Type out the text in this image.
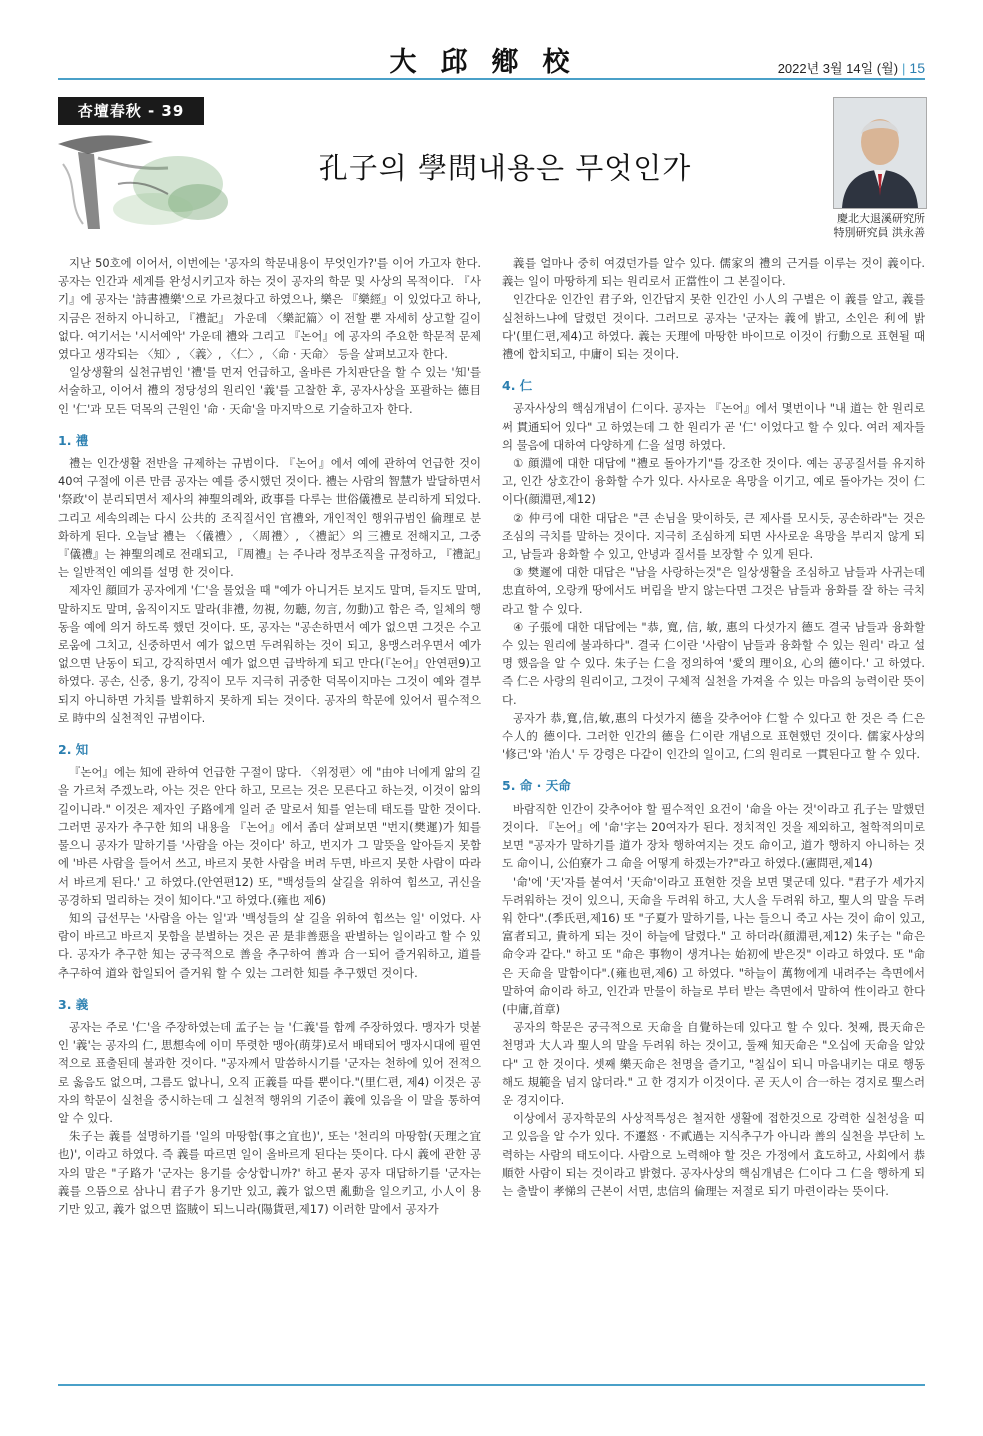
大邱鄕校	2022년 3월 14일 (월) | 15
杏壇春秋 - 39
孔子의 學問내용은 무엇인가
慶北大退溪研究所
特別研究員 洪永善

지난 50호에 이어서, 이번에는 '공자의 학문내용이 무엇인가?'를 이어 가고자 한다. 공자는 인간과 세계를 완성시키고자 하는 것이 공자의 학문 및 사상의 목적이다. 『사기』에 공자는 '詩書禮樂'으로 가르쳤다고 하였으나, 樂은 『樂經』이 있었다고 하나, 지금은 전하지 아니하고, 『禮記』 가운데 〈樂記篇〉이 전할 뿐 자세히 상고할 길이 없다. 여기서는 '시서예악' 가운데 禮와 그리고 『논어』에 공자의 주요한 학문적 문제였다고 생각되는 〈知〉, 〈義〉, 〈仁〉, 〈命 · 天命〉 등을 살펴보고자 한다.

일상생활의 실천규범인 '禮'를 먼저 언급하고, 올바른 가치판단을 할 수 있는 '知'를 서술하고, 이어서 禮의 정당성의 원리인 '義'를 고찰한 후, 공자사상을 포괄하는 德目인 '仁'과 모든 덕목의 근원인 '命 · 天命'을 마지막으로 기술하고자 한다.

1. 禮

禮는 인간생활 전반을 규제하는 규범이다. 『논어』에서 예에 관하여 언급한 것이 40여 구절에 이른 만큼 공자는 예를 중시했던 것이다. 禮는 사람의 智慧가 발달하면서 '祭政'이 분리되면서 제사의 神聖의례와, 政事를 다루는 世俗儀禮로 분리하게 되었다. 그리고 세속의례는 다시 公共的 조직질서인 官禮와, 개인적인 행위규범인 倫理로 분화하게 된다. 오늘날 禮는 〈儀禮〉, 〈周禮〉, 〈禮記〉의 三禮로 전해지고, 그중 『儀禮』는 神聖의례로 전래되고, 『周禮』는 주나라 정부조직을 규정하고, 『禮記』는 일반적인 예의를 설명 한 것이다.

제자인 顔回가 공자에게 '仁'을 물었을 때 "예가 아니거든 보지도 말며, 듣지도 말며, 말하지도 말며, 움직이지도 말라(非禮, 勿視, 勿聽, 勿言, 勿動)고 함은 즉, 일체의 행동을 예에 의거 하도록 했던 것이다. 또, 공자는 "공손하면서 예가 없으면 그것은 수고로움에 그치고, 신중하면서 예가 없으면 두려워하는 것이 되고, 용맹스러우면서 예가 없으면 난동이 되고, 강직하면서 예가 없으면 급박하게 되고 만다(『논어』안연편9)고 하였다. 공손, 신중, 용기, 강직이 모두 지극히 귀중한 덕목이지마는 그것이 예와 결부되지 아니하면 가치를 발휘하지 못하게 되는 것이다. 공자의 학문에 있어서 필수적으로 時中의 실천적인 규범이다.

2. 知

『논어』에는 知에 관하여 언급한 구절이 많다. 〈위정편〉에 "由야 너에게 앎의 길을 가르쳐 주겠노라, 아는 것은 안다 하고, 모르는 것은 모른다고 하는것, 이것이 앎의 길이니라." 이것은 제자인 子路에게 일러 준 말로서 知를 얻는데 태도를 말한 것이다. 그러면 공자가 추구한 知의 내용을 『논어』에서 좀더 살펴보면 "번지(樊遲)가 知를 물으니 공자가 말하기를 '사람을 아는 것이다' 하고, 번지가 그 말뜻을 알아듣지 못함에 '바른 사람을 들어서 쓰고, 바르지 못한 사람을 버려 두면, 바르지 못한 사람이 따라서 바르게 된다.' 고 하였다.(안연편12) 또, "백성들의 살길을 위하여 힘쓰고, 귀신을 공경하되 멀리하는 것이 知이다."고 하였다.(雍也 제6)

知의 급선무는 '사람을 아는 일'과 '백성들의 살 길을 위하여 힘쓰는 일' 이었다. 사람이 바르고 바르지 못함을 분별하는 것은 곧 是非善惡을 판별하는 일이라고 할 수 있다. 공자가 추구한 知는 궁극적으로 善을 추구하여 善과 合一되어 즐거워하고, 道를 추구하여 道와 합일되어 즐거워 할 수 있는 그러한 知를 추구했던 것이다.

3. 義

공자는 주로 '仁'을 주장하였는데 孟子는 늘 '仁義'를 함께 주장하였다. 맹자가 덧붙인 '義'는 공자의 仁, 思想속에 이미 뚜렷한 맹아(萌芽)로서 배태되어 맹자시대에 필연적으로 표출된데 불과한 것이다. "공자께서 말씀하시기를 '군자는 천하에 있어 전적으로 옳음도 없으며, 그름도 없나니, 오직 正義를 따를 뿐이다."(里仁편, 제4) 이것은 공자의 학문이 실천을 중시하는데 그 실천적 행위의 기준이 義에 있음을 이 말을 통하여 알 수 있다.

朱子는 義를 설명하기를 '일의 마땅함(事之宜也)', 또는 '천리의 마땅함(天理之宜也)', 이라고 하였다. 즉 義를 따르면 일이 올바르게 된다는 뜻이다. 다시 義에 관한 공자의 말은 "子路가 '군자는 용기를 숭상합니까?' 하고 묻자 공자 대답하기를 '군자는 義를 으뜸으로 삼나니 君子가 용기만 있고, 義가 없으면 亂動을 일으키고, 小人이 용기만 있고, 義가 없으면 盜賊이 되느니라(陽貨편,제17) 이러한 말에서 공자가

義를 얼마나 중히 여겼던가를 알수 있다. 儒家의 禮의 근거를 이루는 것이 義이다. 義는 일이 마땅하게 되는 원리로서 正當性이 그 본질이다.

인간다운 인간인 君子와, 인간답지 못한 인간인 小人의 구별은 이 義를 알고, 義를 실천하느냐에 달렸던 것이다. 그러므로 공자는 '군자는 義에 밝고, 소인은 利에 밝다'(里仁편,제4)고 하였다. 義는 天理에 마땅한 바이므로 이것이 行動으로 표현될 때 禮에 합치되고, 中庸이 되는 것이다.

4. 仁

공자사상의 핵심개념이 仁이다. 공자는 『논어』에서 몇번이나 "내 道는 한 원리로써 貫通되어 있다" 고 하였는데 그 한 원리가 곧 '仁' 이었다고 할 수 있다. 여러 제자들의 물음에 대하여 다양하게 仁을 설명 하였다.

① 顔淵에 대한 대답에 "禮로 돌아가기"를 강조한 것이다. 예는 공공질서를 유지하고, 인간 상호간이 융화할 수가 있다. 사사로운 욕망을 이기고, 예로 돌아가는 것이 仁이다(顔淵편,제12)

② 仲弓에 대한 대답은 "큰 손님을 맞이하듯, 큰 제사를 모시듯, 공손하라"는 것은 조심의 극치를 말하는 것이다. 지극히 조심하게 되면 사사로운 욕망을 부리지 않게 되고, 남들과 융화할 수 있고, 안녕과 질서를 보장할 수 있게 된다.

③ 樊遲에 대한 대답은 "남을 사랑하는것"은 일상생활을 조심하고 남들과 사귀는데 忠直하여, 오랑캐 땅에서도 버림을 받지 않는다면 그것은 남들과 융화를 잘 하는 극치라고 할 수 있다.

④ 子張에 대한 대답에는 "恭, 寬, 信, 敏, 惠의 다섯가지 德도 결국 남들과 융화할 수 있는 원리에 불과하다". 결국 仁이란 '사람이 남들과 융화할 수 있는 원리' 라고 설명 했음을 알 수 있다. 朱子는 仁을 정의하여 '愛의 理이요, 心의 德이다.' 고 하였다. 즉 仁은 사랑의 원리이고, 그것이 구체적 실천을 가져올 수 있는 마음의 능력이란 뜻이다.

공자가 恭,寬,信,敏,惠의 다섯가지 德을 갖추어야 仁할 수 있다고 한 것은 즉 仁은 수人的 德이다. 그러한 인간의 德을 仁이란 개념으로 표현했던 것이다. 儒家사상의 '修己'와 '治人' 두 강령은 다같이 인간의 일이고, 仁의 원리로 一貫된다고 할 수 있다.

5. 命 · 天命

바람직한 인간이 갖추어야 할 필수적인 요건이 '命을 아는 것'이라고 孔子는 말했던 것이다. 『논어』에 '命'字는 20여자가 된다. 정치적인 것을 제외하고, 철학적의미로 보면 "공자가 말하기를 道가 장차 행하여지는 것도 命이고, 道가 행하지 아니하는 것도 命이니, 公伯寮가 그 命을 어떻게 하겠는가?"라고 하였다.(憲問편,제14)

'命'에 '天'자를 붙여서 '天命'이라고 표현한 것을 보면 몇군데 있다. "君子가 세가지 두려워하는 것이 있으니, 天命을 두려워 하고, 大人을 두려워 하고, 聖人의 말을 두려워 한다".(季氏편,제16) 또 "子夏가 말하기를, 나는 들으니 죽고 사는 것이 命이 있고, 富者되고, 貴하게 되는 것이 하늘에 달렸다." 고 하더라(顔淵편,제12) 朱子는 "命은 命令과 같다." 하고 또 "命은 事物이 생겨나는 始初에 받은것" 이라고 하였다. 또 "命은 天命을 말함이다".(雍也편,제6) 고 하였다. "하늘이 萬物에게 내려주는 측면에서 말하여 命이라 하고, 인간과 만물이 하늘로 부터 받는 측면에서 말하여 性이라고 한다(中庸,首章)

공자의 학문은 궁극적으로 天命을 自覺하는데 있다고 할 수 있다. 첫째, 畏天命은 천명과 大人과 聖人의 말을 두려워 하는 것이고, 둘째 知天命은 "오십에 天命을 알았다" 고 한 것이다. 셋째 樂天命은 천명을 즐기고, "칠십이 되니 마음내키는 대로 행동해도 規範을 넘지 않더라." 고 한 경지가 이것이다. 곧 天人이 合一하는 경지로 聖스러운 경지이다.

이상에서 공자학문의 사상적특성은 철저한 생활에 접한것으로 강력한 실천성을 띠고 있음을 알 수가 있다. 不遷怒 · 不貳過는 지식추구가 아니라 善의 실천을 부단히 노력하는 사람의 태도이다. 사람으로 노력해야 할 것은 가정에서 효도하고, 사회에서 恭順한 사람이 되는 것이라고 밝혔다. 공자사상의 핵심개념은 仁이다 그 仁을 행하게 되는 출발이 孝悌의 근본이 서면, 忠信의 倫理는 저절로 되기 마련이라는 뜻이다.
